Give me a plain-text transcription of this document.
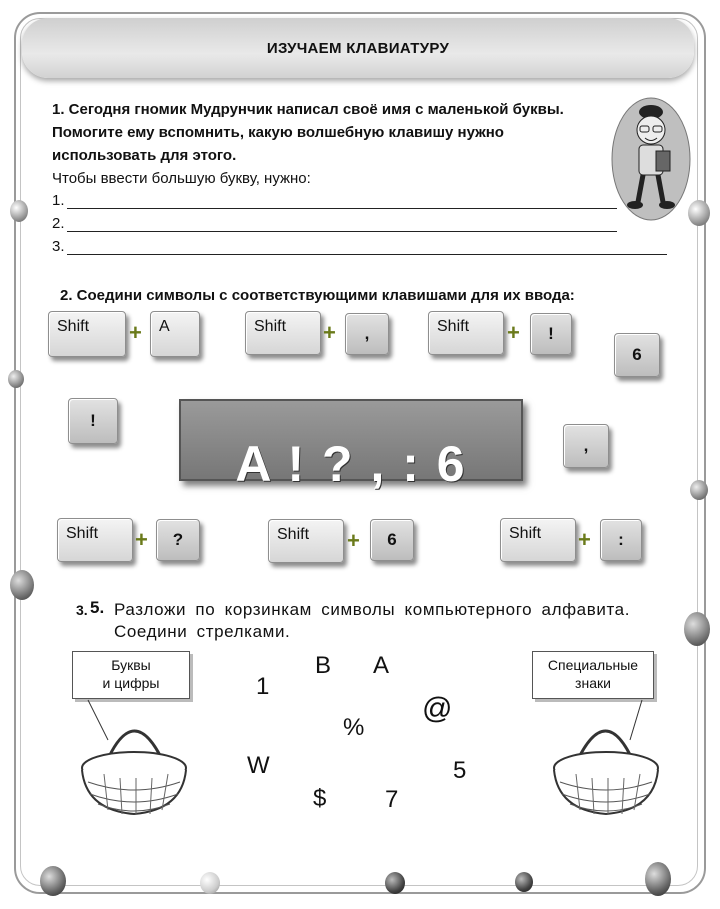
ИЗУЧАЕМ КЛАВИАТУРУ
1. Сегодня гномик Мудрунчик написал своё имя с маленькой буквы.
Помогите ему вспомнить, какую волшебную клавишу нужно
использовать для этого.
Чтобы ввести большую букву, нужно:
1.
2.
3.
2. Соедини символы с соответствующими клавишами для их ввода:
Shift	+	A	Shift	+	,	Shift	+	!
6
!
,
A ! ? , : 6
Shift	+	?	Shift	+	6	Shift	+	:
3. 5. Разложи по корзинкам символы компьютерного алфавита.
Соедини стрелками.
Буквы
и цифры
Специальные
знаки
B A
1
@
%
W	5
$ 7
